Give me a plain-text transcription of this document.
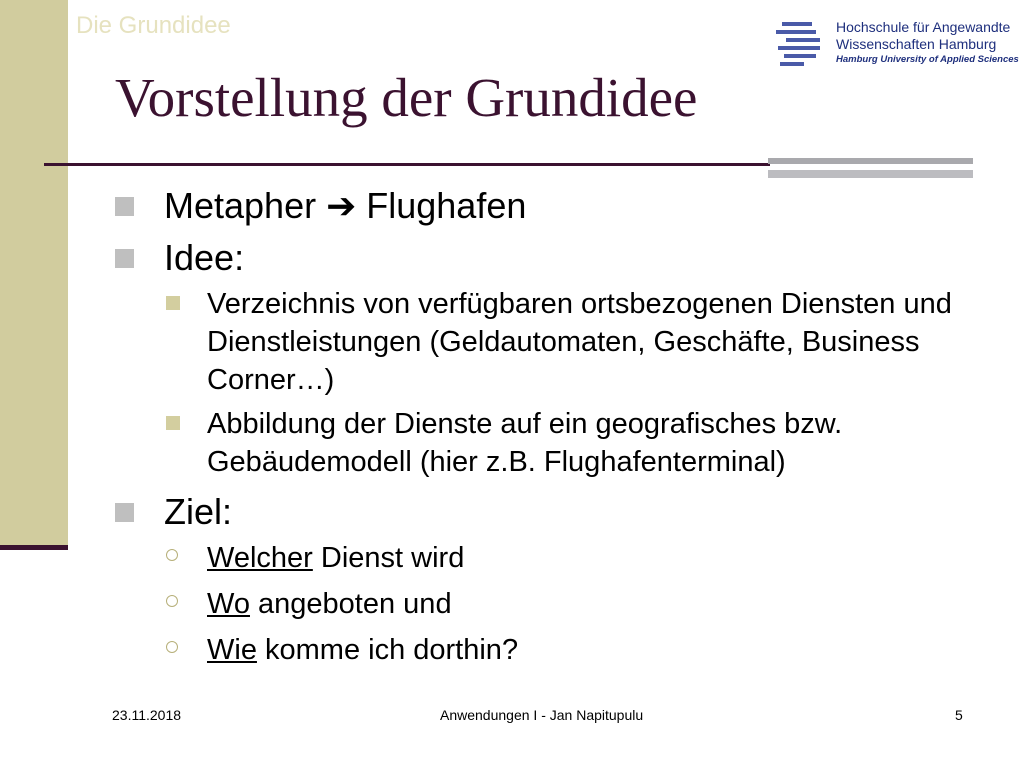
Die Grundidee
Vorstellung der Grundidee
Hochschule für Angewandte
Wissenschaften Hamburg
Hamburg University of Applied Sciences
Metapher ➔ Flughafen
Idee:
Verzeichnis von verfügbaren ortsbezogenen Diensten und Dienstleistungen (Geldautomaten, Geschäfte, Business Corner…)
Abbildung der Dienste auf ein geografisches bzw. Gebäudemodell (hier z.B. Flughafenterminal)
Ziel:
Welcher Dienst wird
Wo angeboten und
Wie komme ich dorthin?
23.11.2018	Anwendungen I - Jan Napitupulu	5
